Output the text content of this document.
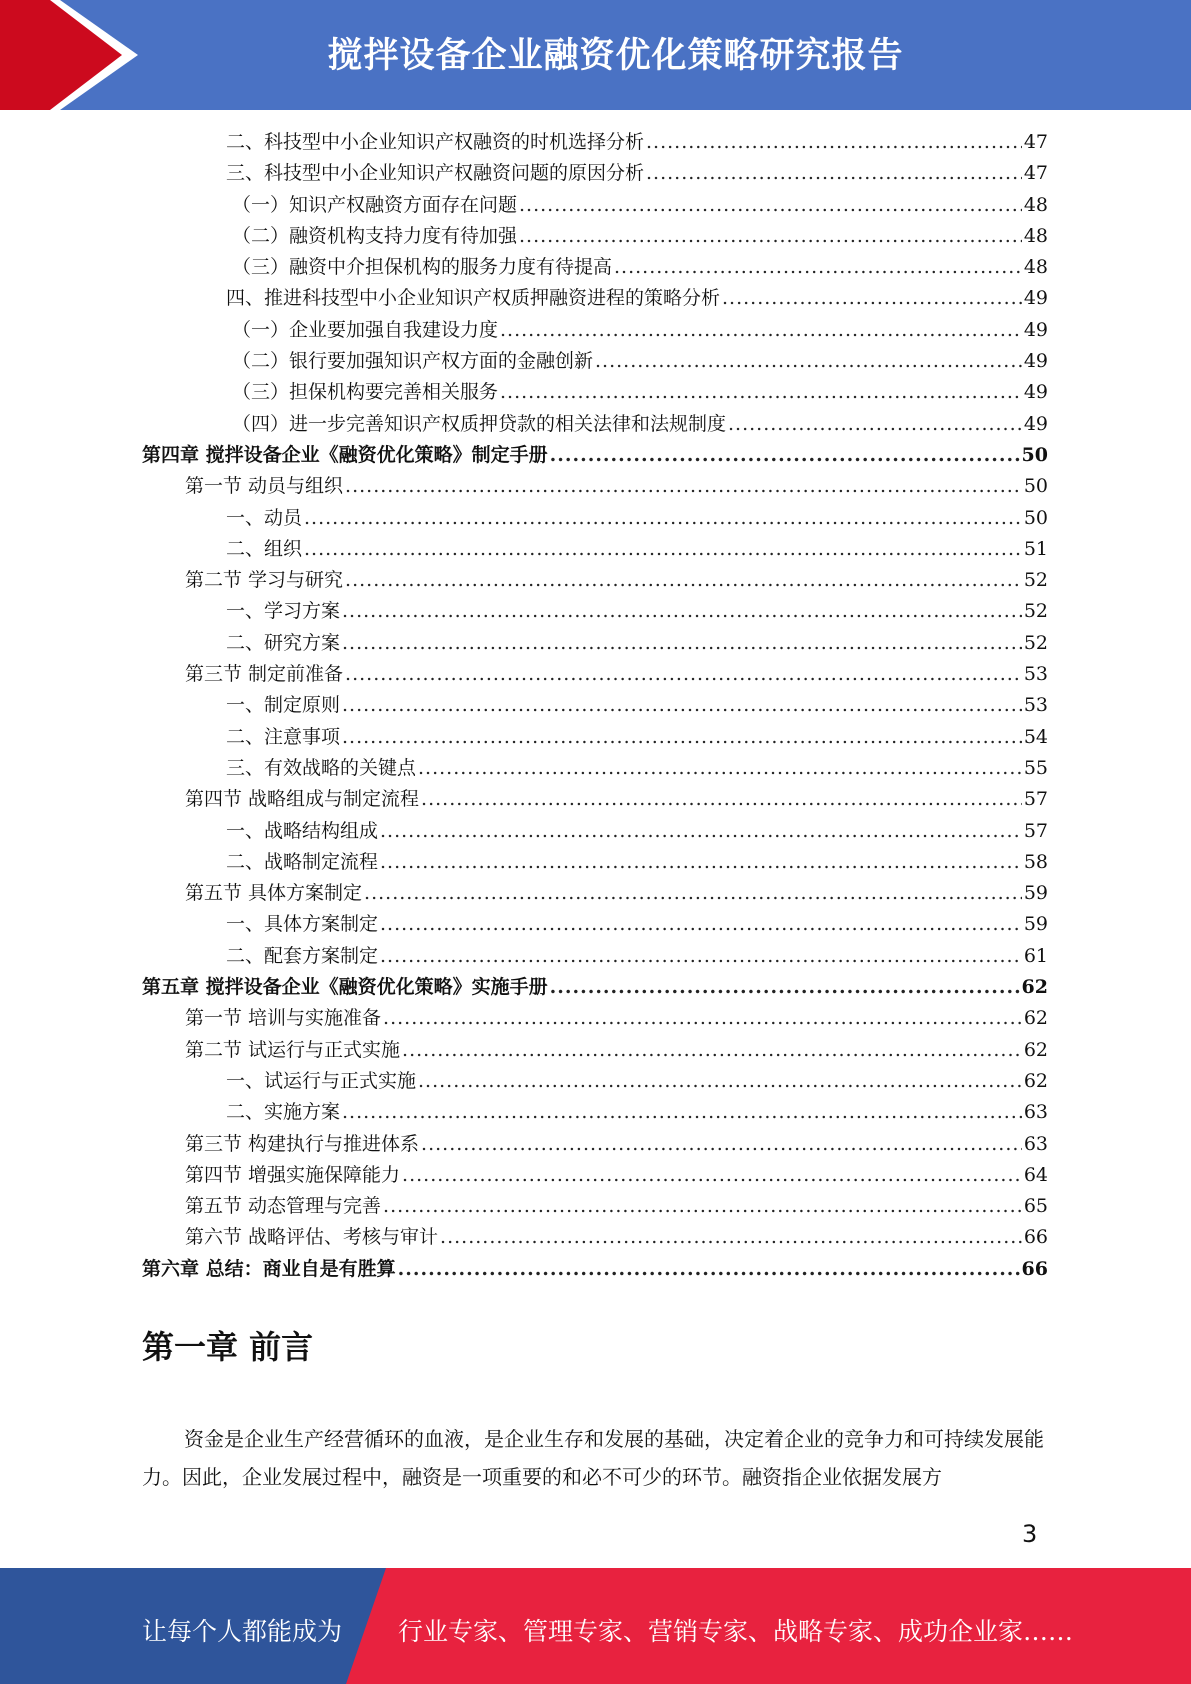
搅拌设备企业融资优化策略研究报告
二、科技型中小企业知识产权融资的时机选择分析 .....	47
三、科技型中小企业知识产权融资问题的原因分析 .....	47
（一）知识产权融资方面存在问题 .....	48
（二）融资机构支持力度有待加强 .....	48
（三）融资中介担保机构的服务力度有待提高 .....	48
四、推进科技型中小企业知识产权质押融资进程的策略分析 .....	49
（一）企业要加强自我建设力度 .....	49
（二）银行要加强知识产权方面的金融创新 .....	49
（三）担保机构要完善相关服务 .....	49
（四）进一步完善知识产权质押贷款的相关法律和法规制度 .....	49
第四章 搅拌设备企业《融资优化策略》制定手册 .....	50
第一节 动员与组织 .....	50
一、动员 .....	50
二、组织 .....	51
第二节 学习与研究 .....	52
一、学习方案 .....	52
二、研究方案 .....	52
第三节 制定前准备 .....	53
一、制定原则 .....	53
二、注意事项 .....	54
三、有效战略的关键点 .....	55
第四节 战略组成与制定流程 .....	57
一、战略结构组成 .....	57
二、战略制定流程 .....	58
第五节 具体方案制定 .....	59
一、具体方案制定 .....	59
二、配套方案制定 .....	61
第五章 搅拌设备企业《融资优化策略》实施手册 .....	62
第一节 培训与实施准备 .....	62
第二节 试运行与正式实施 .....	62
一、试运行与正式实施 .....	62
二、实施方案 .....	63
第三节 构建执行与推进体系 .....	63
第四节 增强实施保障能力 .....	64
第五节 动态管理与完善 .....	65
第六节 战略评估、考核与审计 .....	66
第六章 总结：商业自是有胜算 .....	66
第一章 前言
资金是企业生产经营循环的血液，是企业生存和发展的基础，决定着企业的竞争力和可持续发展能力。因此，企业发展过程中，融资是一项重要的和必不可少的环节。融资指企业依据发展方
3
让每个人都能成为 行业专家、管理专家、营销专家、战略专家、成功企业家……
